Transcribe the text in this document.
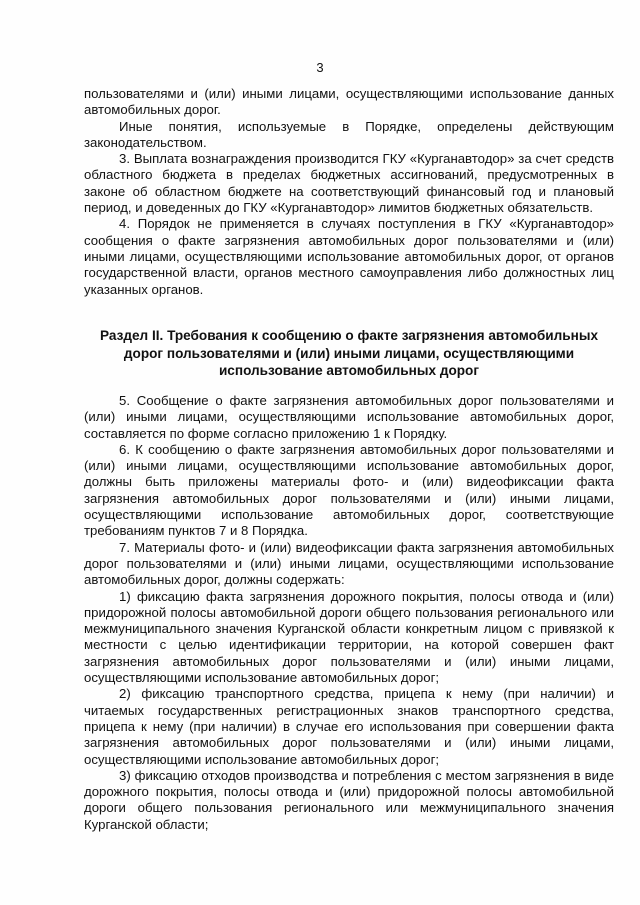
3

пользователями и (или) иными лицами, осуществляющими использование данных автомобильных дорог.

Иные понятия, используемые в Порядке, определены действующим законодательством.

3. Выплата вознаграждения производится ГКУ «Курганавтодор» за счет средств областного бюджета в пределах бюджетных ассигнований, предусмотренных в законе об областном бюджете на соответствующий финансовый год и плановый период, и доведенных до ГКУ «Курганавтодор» лимитов бюджетных обязательств.

4. Порядок не применяется в случаях поступления в ГКУ «Курганавтодор» сообщения о факте загрязнения автомобильных дорог пользователями и (или) иными лицами, осуществляющими использование автомобильных дорог, от органов государственной власти, органов местного самоуправления либо должностных лиц указанных органов.

Раздел II. Требования к сообщению о факте загрязнения автомобильных дорог пользователями и (или) иными лицами, осуществляющими использование автомобильных дорог

5. Сообщение о факте загрязнения автомобильных дорог пользователями и (или) иными лицами, осуществляющими использование автомобильных дорог, составляется по форме согласно приложению 1 к Порядку.

6. К сообщению о факте загрязнения автомобильных дорог пользователями и (или) иными лицами, осуществляющими использование автомобильных дорог, должны быть приложены материалы фото- и (или) видеофиксации факта загрязнения автомобильных дорог пользователями и (или) иными лицами, осуществляющими использование автомобильных дорог, соответствующие требованиям пунктов 7 и 8 Порядка.

7. Материалы фото- и (или) видеофиксации факта загрязнения автомобильных дорог пользователями и (или) иными лицами, осуществляющими использование автомобильных дорог, должны содержать:

1) фиксацию факта загрязнения дорожного покрытия, полосы отвода и (или) придорожной полосы автомобильной дороги общего пользования регионального или межмуниципального значения Курганской области конкретным лицом с привязкой к местности с целью идентификации территории, на которой совершен факт загрязнения автомобильных дорог пользователями и (или) иными лицами, осуществляющими использование автомобильных дорог;

2) фиксацию транспортного средства, прицепа к нему (при наличии) и читаемых государственных регистрационных знаков транспортного средства, прицепа к нему (при наличии) в случае его использования при совершении факта загрязнения автомобильных дорог пользователями и (или) иными лицами, осуществляющими использование автомобильных дорог;

3) фиксацию отходов производства и потребления с местом загрязнения в виде дорожного покрытия, полосы отвода и (или) придорожной полосы автомобильной дороги общего пользования регионального или межмуниципального значения Курганской области;
